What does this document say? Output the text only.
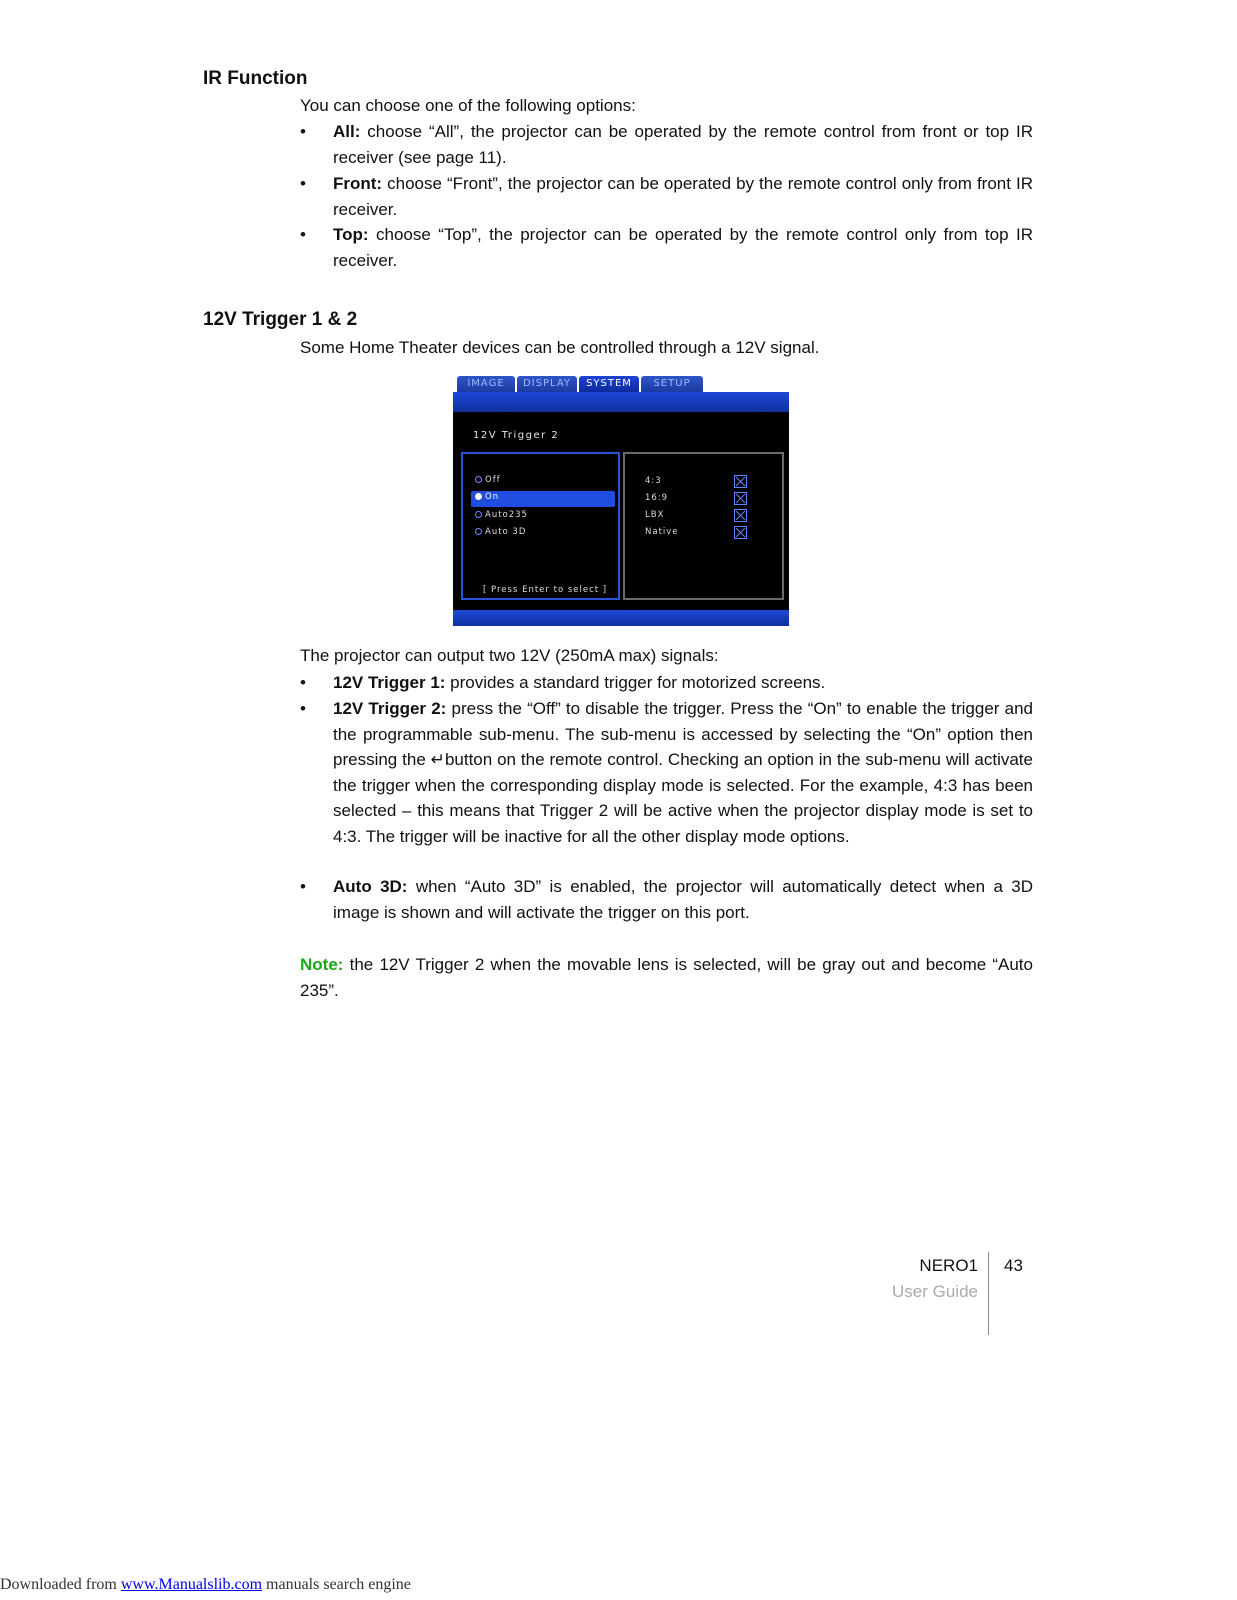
IR Function
You can choose one of the following options:
• All: choose “All”, the projector can be operated by the remote control from front or top IR receiver (see page 11).
• Front: choose “Front”, the projector can be operated by the remote control only from front IR receiver.
• Top: choose “Top”, the projector can be operated by the remote control only from top IR receiver.
12V Trigger 1 & 2
Some Home Theater devices can be controlled through a 12V signal.
IMAGE	DISPLAY	SYSTEM	SETUP
12V Trigger 2
Off
On
Auto235
Auto 3D
4:3
16:9
LBX
Native
[ Press Enter to select ]
The projector can output two 12V (250mA max) signals:
• 12V Trigger 1: provides a standard trigger for motorized screens.
• 12V Trigger 2: press the “Off” to disable the trigger. Press the “On” to enable the trigger and the programmable sub-menu. The sub-menu is accessed by selecting the “On” option then pressing the ↵button on the remote control. Checking an option in the sub-menu will activate the trigger when the corresponding display mode is selected. For the example, 4:3 has been selected – this means that Trigger 2 will be active when the projector display mode is set to 4:3. The trigger will be inactive for all the other display mode options.
• Auto 3D: when “Auto 3D” is enabled, the projector will automatically detect when a 3D image is shown and will activate the trigger on this port.
Note: the 12V Trigger 2 when the movable lens is selected, will be gray out and become “Auto 235”.
NERO1
User Guide
43
Downloaded from www.Manualslib.com manuals search engine
